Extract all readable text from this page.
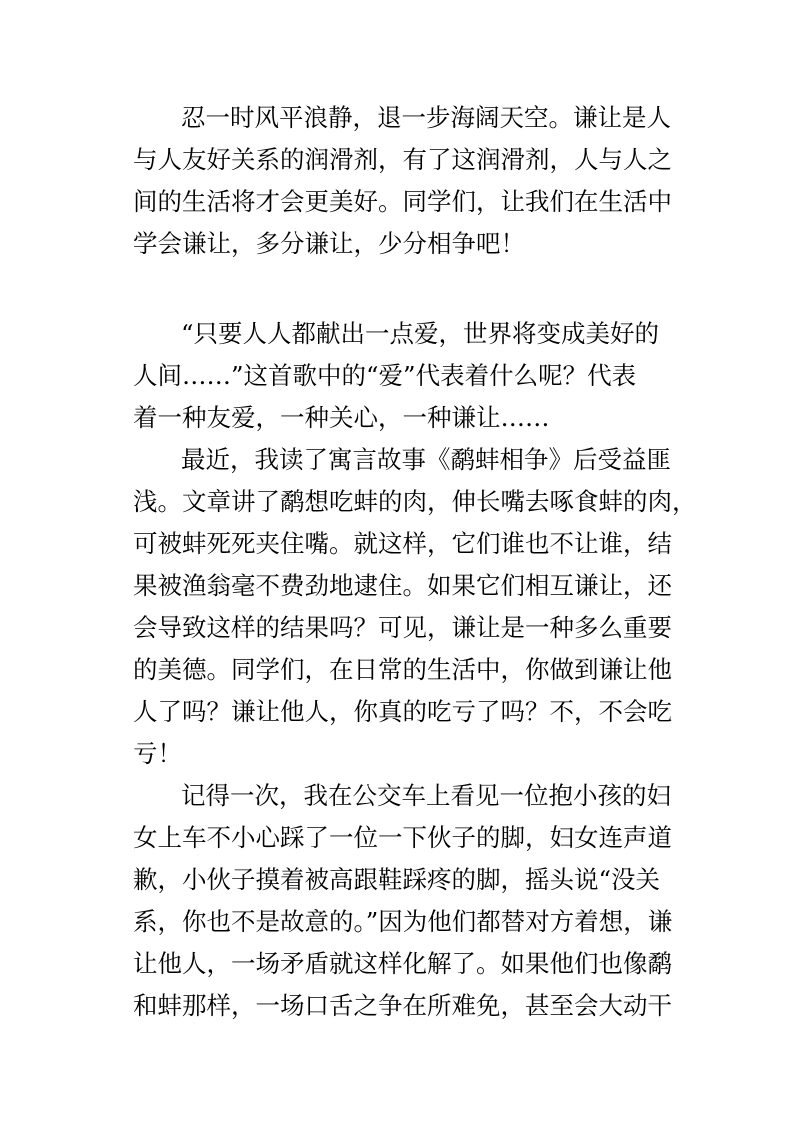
忍一时风平浪静，退一步海阔天空。谦让是人

与人友好关系的润滑剂，有了这润滑剂，人与人之

间的生活将才会更美好。同学们，让我们在生活中

学会谦让，多分谦让，少分相争吧！

“只要人人都献出一点爱，世界将变成美好的

人间……”这首歌中的“爱”代表着什么呢？代表

着一种友爱，一种关心，一种谦让……

最近，我读了寓言故事《鹬蚌相争》后受益匪

浅。文章讲了鹬想吃蚌的肉，伸长嘴去啄食蚌的肉，

可被蚌死死夹住嘴。就这样，它们谁也不让谁，结

果被渔翁毫不费劲地逮住。如果它们相互谦让，还

会导致这样的结果吗？可见，谦让是一种多么重要

的美德。同学们，在日常的生活中，你做到谦让他

人了吗？谦让他人，你真的吃亏了吗？不，不会吃

亏！

记得一次，我在公交车上看见一位抱小孩的妇

女上车不小心踩了一位一下伙子的脚，妇女连声道

歉，小伙子摸着被高跟鞋踩疼的脚，摇头说“没关

系，你也不是故意的。”因为他们都替对方着想，谦

让他人，一场矛盾就这样化解了。如果他们也像鹬

和蚌那样，一场口舌之争在所难免，甚至会大动干
